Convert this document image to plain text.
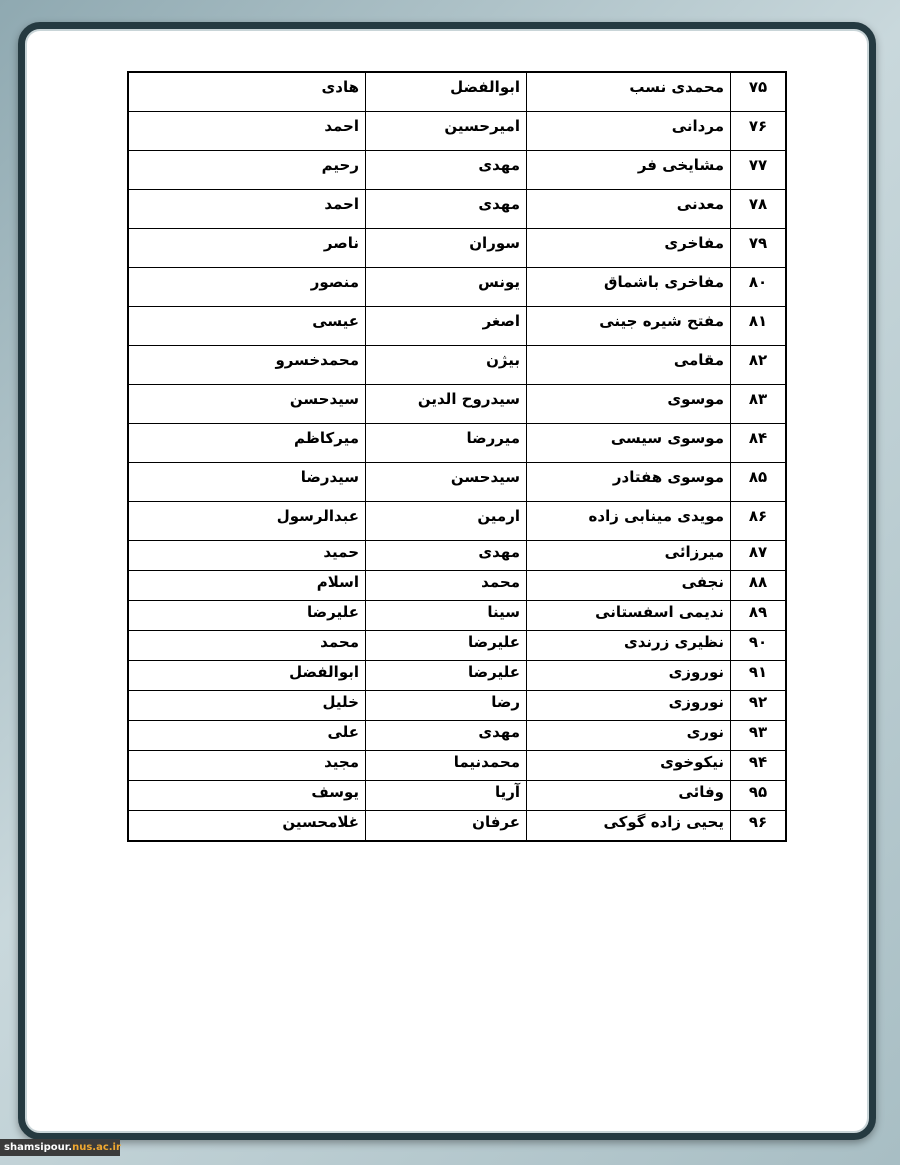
۷۵	محمدی نسب	ابوالفضل	هادی
۷۶	مردانی	امیرحسین	احمد
۷۷	مشایخی فر	مهدی	رحیم
۷۸	معدنی	مهدی	احمد
۷۹	مفاخری	سوران	ناصر
۸۰	مفاخری باشماق	یونس	منصور
۸۱	مفتح شیره جینی	اصغر	عیسی
۸۲	مقامی	بیژن	محمدخسرو
۸۳	موسوی	سیدروح الدین	سیدحسن
۸۴	موسوی سیسی	میررضا	میرکاظم
۸۵	موسوی هفتادر	سیدحسن	سیدرضا
۸۶	مویدی مینابی زاده	ارمین	عبدالرسول
۸۷	میرزائی	مهدی	حمید
۸۸	نجفی	محمد	اسلام
۸۹	ندیمی اسفستانی	سینا	علیرضا
۹۰	نظیری زرندی	علیرضا	محمد
۹۱	نوروزی	علیرضا	ابوالفضل
۹۲	نوروزی	رضا	خلیل
۹۳	نوری	مهدی	علی
۹۴	نیکوخوی	محمدنیما	مجید
۹۵	وفائی	آریا	یوسف
۹۶	یحیی زاده گوکی	عرفان	غلامحسین
shamsipour.nus.ac.ir
